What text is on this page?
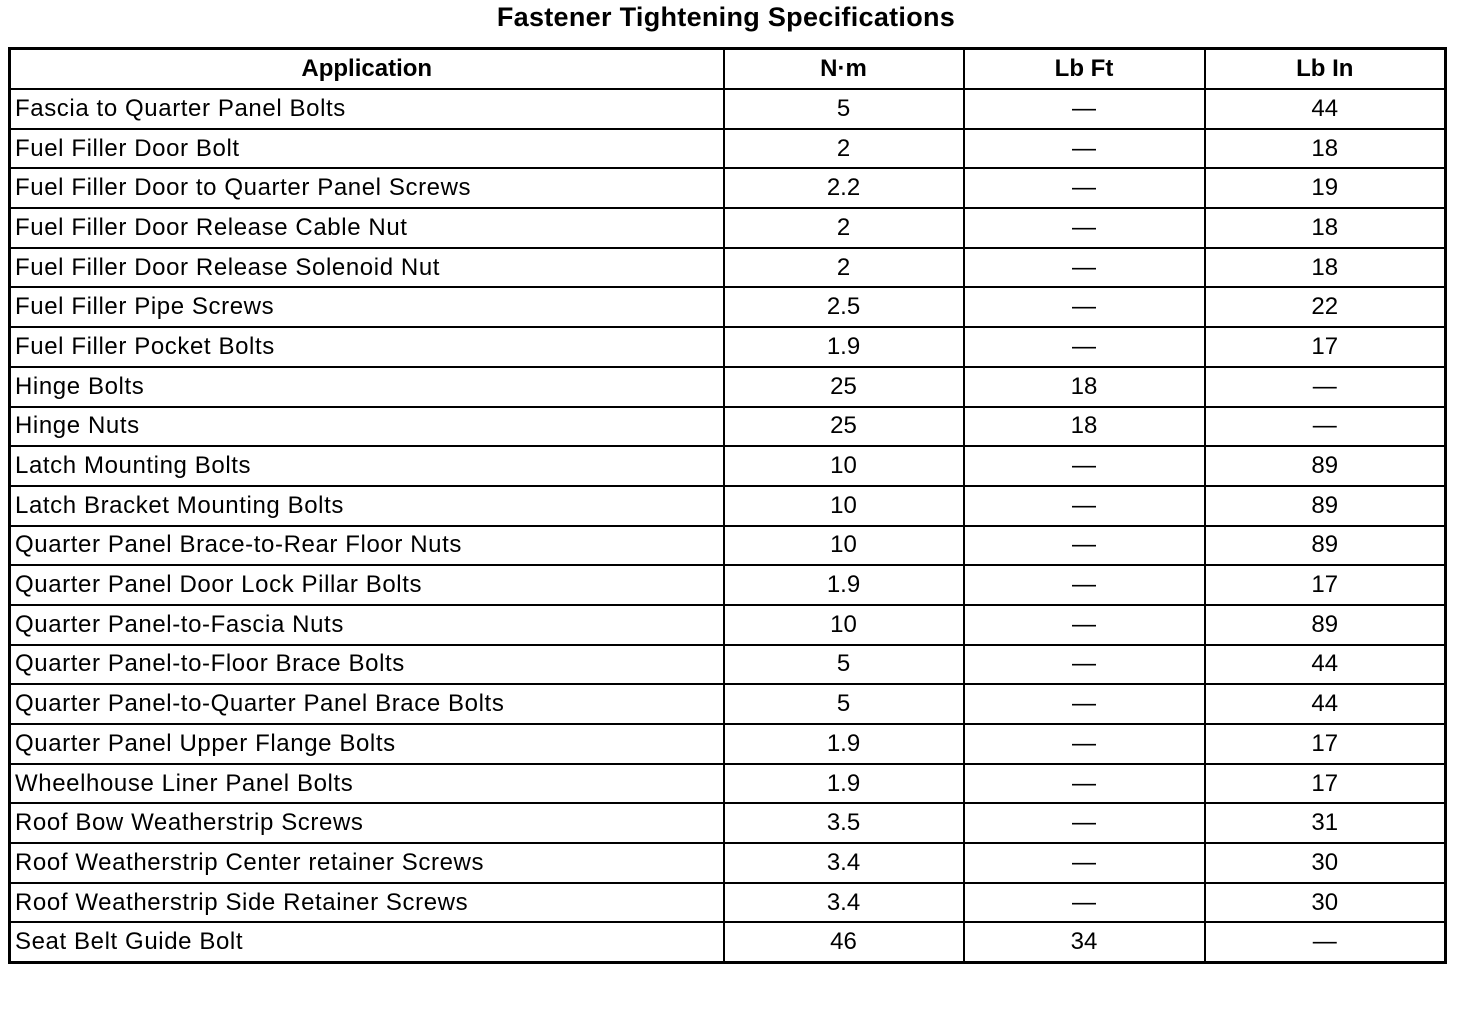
Fastener Tightening Specifications
Application	N·m	Lb Ft	Lb In
Fascia to Quarter Panel Bolts	5	—	44
Fuel Filler Door Bolt	2	—	18
Fuel Filler Door to Quarter Panel Screws	2.2	—	19
Fuel Filler Door Release Cable Nut	2	—	18
Fuel Filler Door Release Solenoid Nut	2	—	18
Fuel Filler Pipe Screws	2.5	—	22
Fuel Filler Pocket Bolts	1.9	—	17
Hinge Bolts	25	18	—
Hinge Nuts	25	18	—
Latch Mounting Bolts	10	—	89
Latch Bracket Mounting Bolts	10	—	89
Quarter Panel Brace-to-Rear Floor Nuts	10	—	89
Quarter Panel Door Lock Pillar Bolts	1.9	—	17
Quarter Panel-to-Fascia Nuts	10	—	89
Quarter Panel-to-Floor Brace Bolts	5	—	44
Quarter Panel-to-Quarter Panel Brace Bolts	5	—	44
Quarter Panel Upper Flange Bolts	1.9	—	17
Wheelhouse Liner Panel Bolts	1.9	—	17
Roof Bow Weatherstrip Screws	3.5	—	31
Roof Weatherstrip Center retainer Screws	3.4	—	30
Roof Weatherstrip Side Retainer Screws	3.4	—	30
Seat Belt Guide Bolt	46	34	—
